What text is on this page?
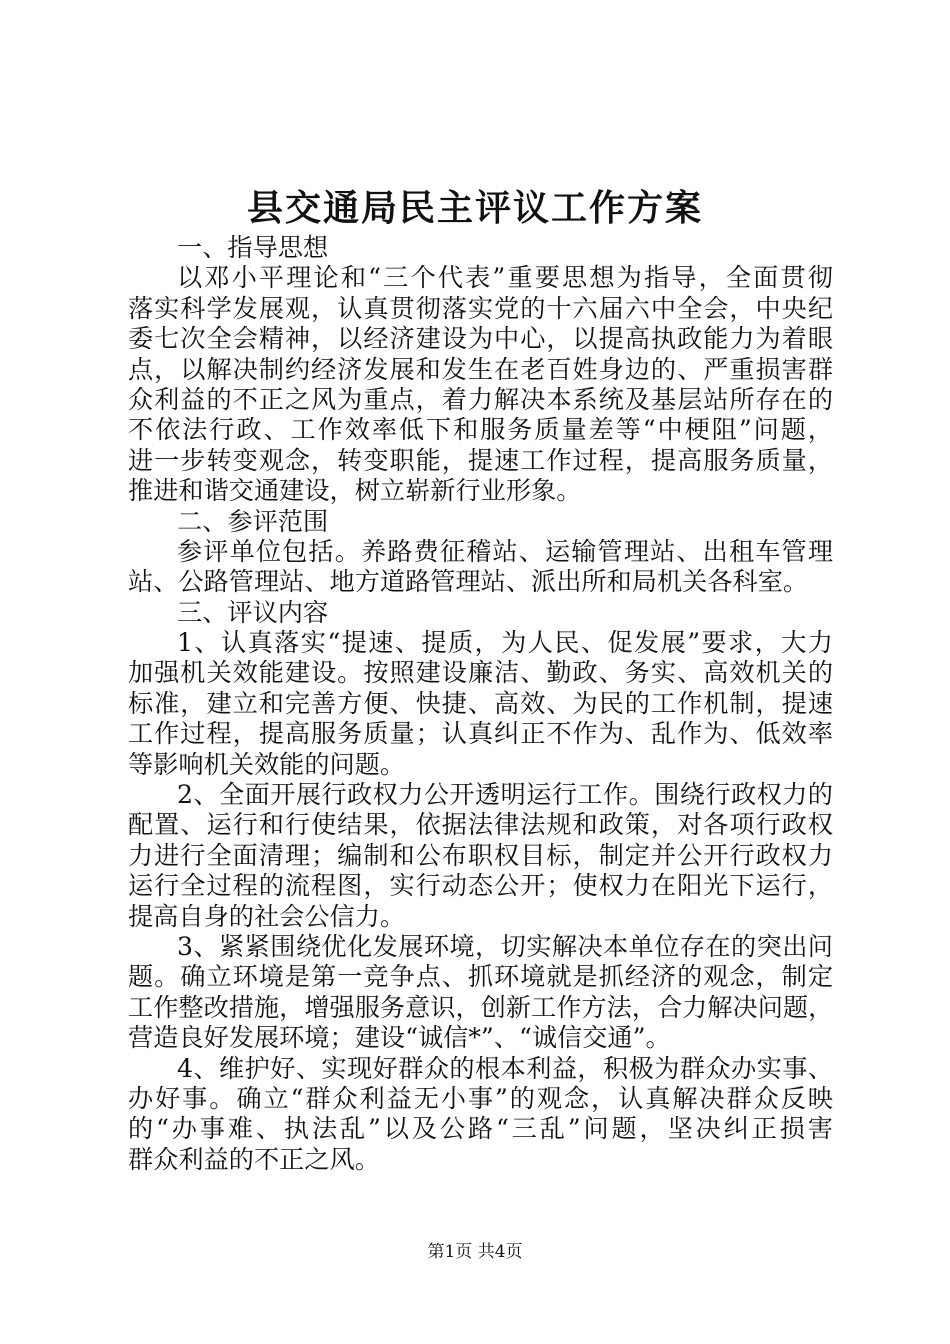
县交通局民主评议工作方案
一、指导思想
以邓小平理论和“三个代表”重要思想为指导，全面贯彻
落实科学发展观，认真贯彻落实党的十六届六中全会，中央纪
委七次全会精神，以经济建设为中心，以提高执政能力为着眼
点，以解决制约经济发展和发生在老百姓身边的、严重损害群
众利益的不正之风为重点，着力解决本系统及基层站所存在的
不依法行政、工作效率低下和服务质量差等“中梗阻”问题，
进一步转变观念，转变职能，提速工作过程，提高服务质量，
推进和谐交通建设，树立崭新行业形象。
二、参评范围
参评单位包括。养路费征稽站、运输管理站、出租车管理
站、公路管理站、地方道路管理站、派出所和局机关各科室。
三、评议内容
1、认真落实“提速、提质，为人民、促发展”要求，大力
加强机关效能建设。按照建设廉洁、勤政、务实、高效机关的
标准，建立和完善方便、快捷、高效、为民的工作机制，提速
工作过程，提高服务质量；认真纠正不作为、乱作为、低效率
等影响机关效能的问题。
2、全面开展行政权力公开透明运行工作。围绕行政权力的
配置、运行和行使结果，依据法律法规和政策，对各项行政权
力进行全面清理；编制和公布职权目标，制定并公开行政权力
运行全过程的流程图，实行动态公开；使权力在阳光下运行，
提高自身的社会公信力。
3、紧紧围绕优化发展环境，切实解决本单位存在的突出问
题。确立环境是第一竞争点、抓环境就是抓经济的观念，制定
工作整改措施，增强服务意识，创新工作方法，合力解决问题，
营造良好发展环境；建设“诚信*”、“诚信交通”。
4、维护好、实现好群众的根本利益，积极为群众办实事、
办好事。确立“群众利益无小事”的观念，认真解决群众反映
的“办事难、执法乱”以及公路“三乱”问题，坚决纠正损害
群众利益的不正之风。
第1页 共4页
